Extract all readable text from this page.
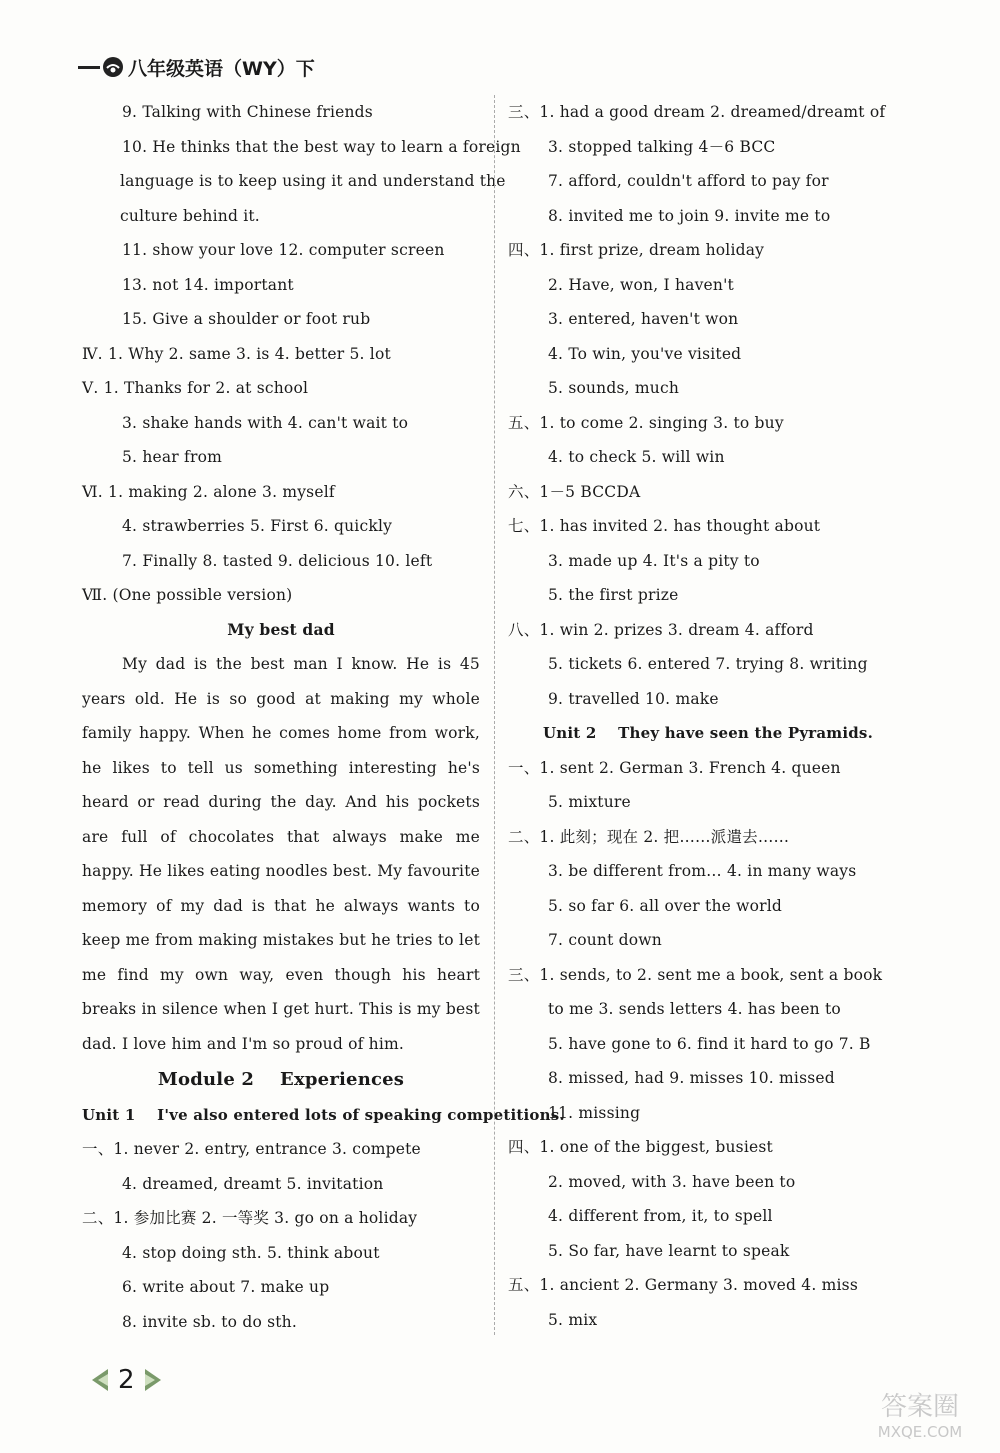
八年级英语（WY）下
9. Talking with Chinese friends
10. He thinks that the best way to learn a foreign
language is to keep using it and understand the
culture behind it.
11. show your love 12. computer screen
13. not 14. important
15. Give a shoulder or foot rub
Ⅳ. 1. Why 2. same 3. is 4. better 5. lot
Ⅴ. 1. Thanks for 2. at school
3. shake hands with 4. can't wait to
5. hear from
Ⅵ. 1. making 2. alone 3. myself
4. strawberries 5. First 6. quickly
7. Finally 8. tasted 9. delicious 10. left
Ⅶ. (One possible version)
My best dad
My dad is the best man I know. He is 45 years old. He is so good at making my whole family happy. When he comes home from work, he likes to tell us something interesting he's heard or read during the day. And his pockets are full of chocolates that always make me happy. He likes eating noodles best. My favourite memory of my dad is that he always wants to keep me from making mistakes but he tries to let me find my own way, even though his heart breaks in silence when I get hurt. This is my best dad. I love him and I'm so proud of him.
Module 2    Experiences
Unit 1    I've also entered lots of speaking competitions.
一、1. never 2. entry, entrance 3. compete
4. dreamed, dreamt 5. invitation
二、1. 参加比赛 2. 一等奖 3. go on a holiday
4. stop doing sth. 5. think about
6. write about 7. make up
8. invite sb. to do sth.
三、1. had a good dream 2. dreamed/dreamt of
3. stopped talking 4－6 BCC
7. afford, couldn't afford to pay for
8. invited me to join 9. invite me to
四、1. first prize, dream holiday
2. Have, won, I haven't
3. entered, haven't won
4. To win, you've visited
5. sounds, much
五、1. to come 2. singing 3. to buy
4. to check 5. will win
六、1－5 BCCDA
七、1. has invited 2. has thought about
3. made up 4. It's a pity to
5. the first prize
八、1. win 2. prizes 3. dream 4. afford
5. tickets 6. entered 7. trying 8. writing
9. travelled 10. make
Unit 2    They have seen the Pyramids.
一、1. sent 2. German 3. French 4. queen
5. mixture
二、1. 此刻；现在 2. 把……派遣去……
3. be different from… 4. in many ways
5. so far 6. all over the world
7. count down
三、1. sends, to 2. sent me a book, sent a book
to me 3. sends letters 4. has been to
5. have gone to 6. find it hard to go 7. B
8. missed, had 9. misses 10. missed
11. missing
四、1. one of the biggest, busiest
2. moved, with 3. have been to
4. different from, it, to spell
5. So far, have learnt to speak
五、1. ancient 2. Germany 3. moved 4. miss
5. mix
2
答案圈
MXQE.COM
